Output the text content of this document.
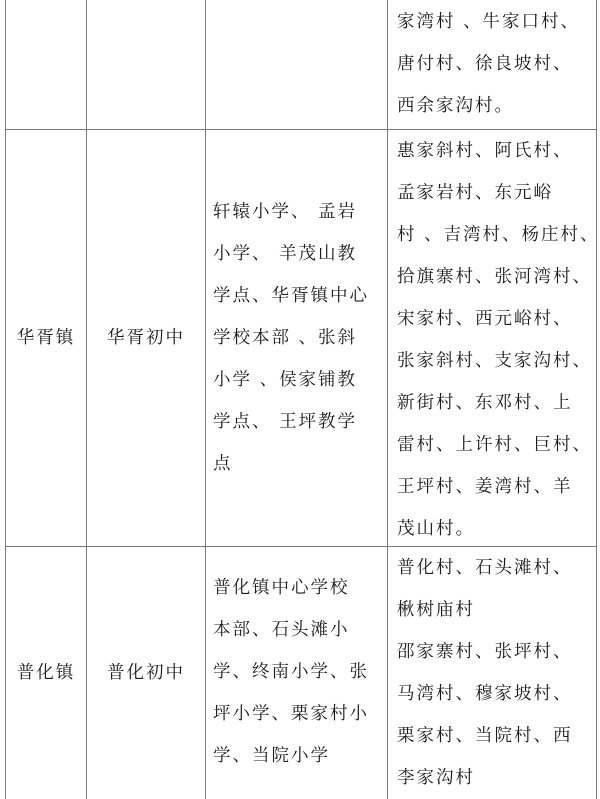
家湾村 、牛家口村、

唐付村、徐良坡村、

西余家沟村。

华胥镇 华胥初中

轩辕小学、 孟岩

小学、 羊茂山教

学点、华胥镇中心

学校本部 、张斜

小学 、侯家铺教

学点、 王坪教学

点

惠家斜村、阿氏村、

孟家岩村、东元峪

村 、吉湾村、杨庄村、

拾旗寨村、张河湾村、

宋家村、西元峪村、

张家斜村、支家沟村、

新街村、东邓村、上

雷村、上许村、巨村、

王坪村、姜湾村、羊

茂山村。

普化镇 普化初中

普化镇中心学校

本部、石头滩小

学、终南小学、张

坪小学、栗家村小

学、当院小学

普化村、石头滩村、

楸树庙村

邵家寨村、张坪村、

马湾村、穆家坡村、

栗家村、当院村、西

李家沟村
